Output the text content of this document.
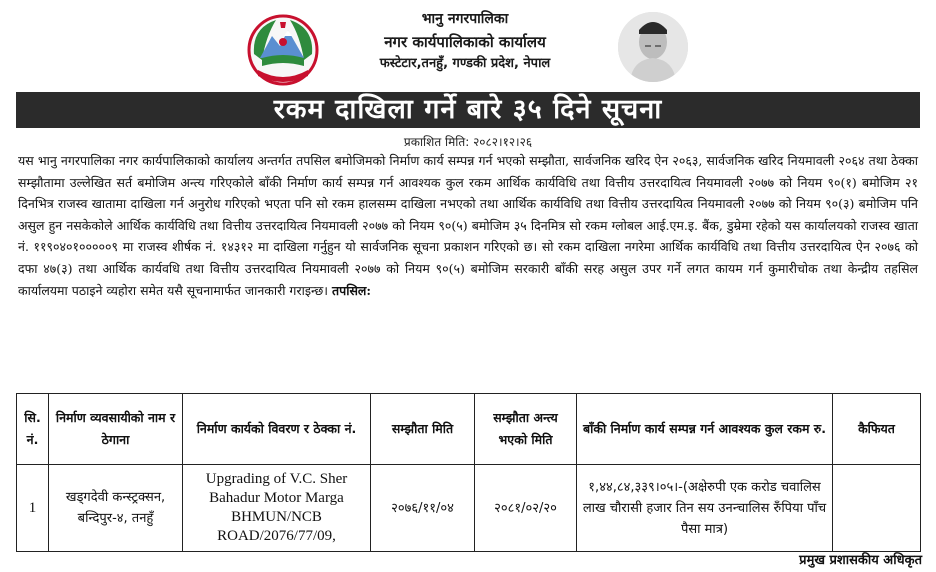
भानु नगरपालिका
नगर कार्यपालिकाको कार्यालय
फस्टेटार,तनहुँ, गण्डकी प्रदेश, नेपाल
रकम दाखिला गर्ने बारे ३५ दिने सूचना
प्रकाशित मिति: २०८२।१२।२६
यस भानु नगरपालिका नगर कार्यपालिकाको कार्यालय अन्तर्गत तपसिल बमोजिमको निर्माण कार्य सम्पन्न गर्न भएको सम्झौता, सार्वजनिक खरिद ऐन २०६३, सार्वजनिक खरिद नियमावली २०६४ तथा ठेक्का सम्झौतामा उल्लेखित सर्त बमोजिम अन्त्य गरिएकोले बाँकी निर्माण कार्य सम्पन्न गर्न आवश्यक कुल रकम आर्थिक कार्यविधि तथा वित्तीय उत्तरदायित्व नियमावली २०७७ को नियम ९०(१) बमोजिम २१ दिनभित्र राजस्व खातामा दाखिला गर्न अनुरोध गरिएको भएता पनि सो रकम हालसम्म दाखिला नभएको तथा आर्थिक कार्यविधि तथा वित्तीय उत्तरदायित्व नियमावली २०७७ को नियम ९०(३) बमोजिम पनि असुल हुन नसकेकोले आर्थिक कार्यविधि तथा वित्तीय उत्तरदायित्व नियमावली २०७७ को नियम ९०(५) बमोजिम ३५ दिनमित्र सो रकम ग्लोबल आई.एम.इ. बैंक, डुम्रेमा रहेको यस कार्यालयको राजस्व खाता नं. ११९०४०१०००००९ मा राजस्व शीर्षक नं. १४३१२ मा दाखिला गर्नुहुन यो सार्वजनिक सूचना प्रकाशन गरिएको छ। सो रकम दाखिला नगरेमा आर्थिक कार्यविधि तथा वित्तीय उत्तरदायित्व ऐन २०७६ को दफा ४७(३) तथा आर्थिक कार्यवधि तथा वित्तीय उत्तरदायित्व नियमावली २०७७ को नियम ९०(५) बमोजिम सरकारी बाँकी सरह असुल उपर गर्ने लगत कायम गर्न कुमारीचोक तथा केन्द्रीय तहसिल कार्यालयमा पठाइने व्यहोरा समेत यसै सूचनामार्फत जानकारी गराइन्छ। तपसिल:
सि. नं.	निर्माण व्यवसायीको नाम र ठेगाना	निर्माण कार्यको विवरण र ठेक्का नं.	सम्झौता मिति	सम्झौता अन्त्य भएको मिति	बाँकी निर्माण कार्य सम्पन्न गर्न आवश्यक कुल रकम रु.	कैफियत
1	खड्गदेवी कन्स्ट्रक्सन, बन्दिपुर-४, तनहुँ	Upgrading of V.C. Sher Bahadur Motor Marga BHMUN/NCB ROAD/2076/77/09,	२०७६/११/०४	२०८१/०२/२०	१,४४,८४,३३९।०५।-(अक्षेरुपी एक करोड चवालिस लाख चौरासी हजार तिन सय उनन्चालिस रुँपिया पाँच पैसा मात्र)	
प्रमुख प्रशासकीय अधिकृत
